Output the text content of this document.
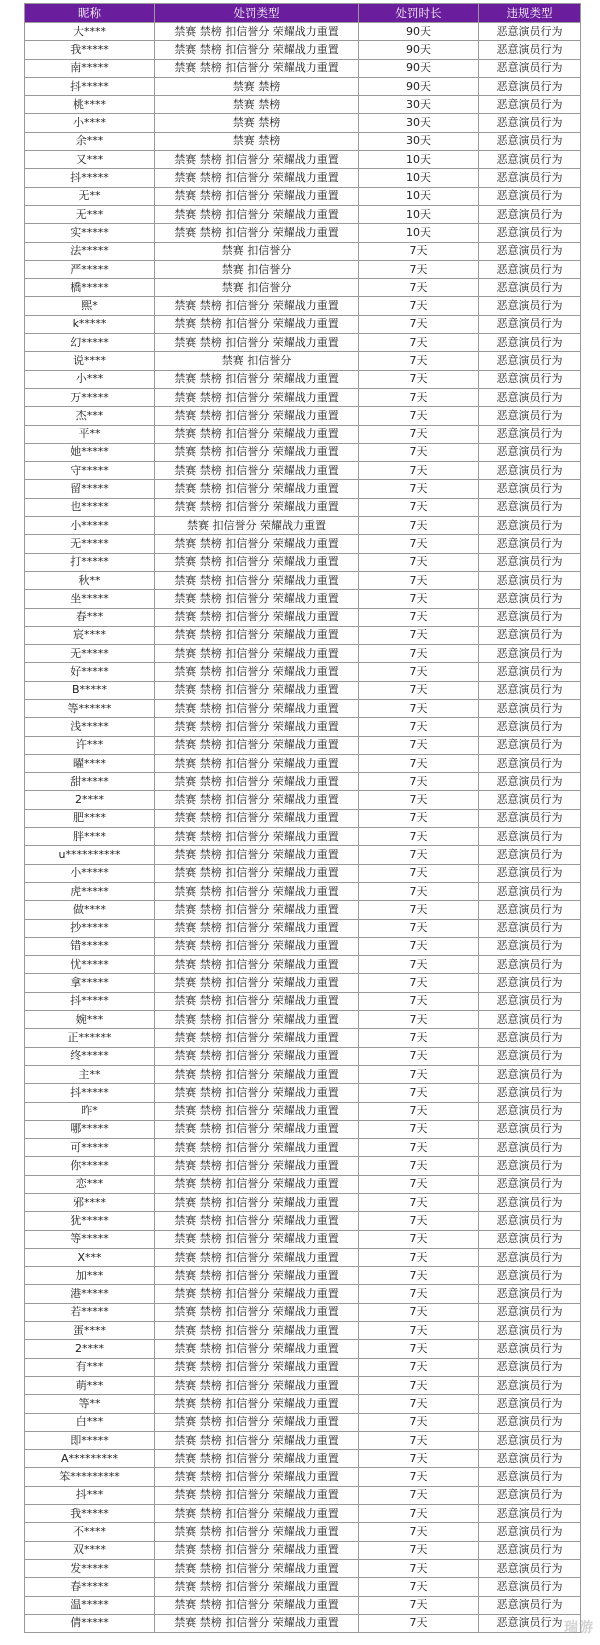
昵称	处罚类型	处罚时长	违规类型
大****	禁赛 禁榜 扣信誉分 荣耀战力重置	90天	恶意演员行为
我*****	禁赛 禁榜 扣信誉分 荣耀战力重置	90天	恶意演员行为
南*****	禁赛 禁榜 扣信誉分 荣耀战力重置	90天	恶意演员行为
抖*****	禁赛 禁榜	90天	恶意演员行为
桃****	禁赛 禁榜	30天	恶意演员行为
小****	禁赛 禁榜	30天	恶意演员行为
余***	禁赛 禁榜	30天	恶意演员行为
又***	禁赛 禁榜 扣信誉分 荣耀战力重置	10天	恶意演员行为
抖*****	禁赛 禁榜 扣信誉分 荣耀战力重置	10天	恶意演员行为
无**	禁赛 禁榜 扣信誉分 荣耀战力重置	10天	恶意演员行为
无***	禁赛 禁榜 扣信誉分 荣耀战力重置	10天	恶意演员行为
实*****	禁赛 禁榜 扣信誉分 荣耀战力重置	10天	恶意演员行为
法*****	禁赛 扣信誉分	7天	恶意演员行为
严*****	禁赛 扣信誉分	7天	恶意演员行为
橋*****	禁赛 扣信誉分	7天	恶意演员行为
熙*	禁赛 禁榜 扣信誉分 荣耀战力重置	7天	恶意演员行为
k*****	禁赛 禁榜 扣信誉分 荣耀战力重置	7天	恶意演员行为
幻*****	禁赛 禁榜 扣信誉分 荣耀战力重置	7天	恶意演员行为
说****	禁赛 扣信誉分	7天	恶意演员行为
小***	禁赛 禁榜 扣信誉分 荣耀战力重置	7天	恶意演员行为
万*****	禁赛 禁榜 扣信誉分 荣耀战力重置	7天	恶意演员行为
杰***	禁赛 禁榜 扣信誉分 荣耀战力重置	7天	恶意演员行为
平**	禁赛 禁榜 扣信誉分 荣耀战力重置	7天	恶意演员行为
她*****	禁赛 禁榜 扣信誉分 荣耀战力重置	7天	恶意演员行为
守*****	禁赛 禁榜 扣信誉分 荣耀战力重置	7天	恶意演员行为
留*****	禁赛 禁榜 扣信誉分 荣耀战力重置	7天	恶意演员行为
也*****	禁赛 禁榜 扣信誉分 荣耀战力重置	7天	恶意演员行为
小*****	禁赛 扣信誉分 荣耀战力重置	7天	恶意演员行为
无*****	禁赛 禁榜 扣信誉分 荣耀战力重置	7天	恶意演员行为
打*****	禁赛 禁榜 扣信誉分 荣耀战力重置	7天	恶意演员行为
秋**	禁赛 禁榜 扣信誉分 荣耀战力重置	7天	恶意演员行为
坐*****	禁赛 禁榜 扣信誉分 荣耀战力重置	7天	恶意演员行为
春***	禁赛 禁榜 扣信誉分 荣耀战力重置	7天	恶意演员行为
宸****	禁赛 禁榜 扣信誉分 荣耀战力重置	7天	恶意演员行为
无*****	禁赛 禁榜 扣信誉分 荣耀战力重置	7天	恶意演员行为
好*****	禁赛 禁榜 扣信誉分 荣耀战力重置	7天	恶意演员行为
B*****	禁赛 禁榜 扣信誉分 荣耀战力重置	7天	恶意演员行为
等******	禁赛 禁榜 扣信誉分 荣耀战力重置	7天	恶意演员行为
浅*****	禁赛 禁榜 扣信誉分 荣耀战力重置	7天	恶意演员行为
许***	禁赛 禁榜 扣信誉分 荣耀战力重置	7天	恶意演员行为
曜****	禁赛 禁榜 扣信誉分 荣耀战力重置	7天	恶意演员行为
甜*****	禁赛 禁榜 扣信誉分 荣耀战力重置	7天	恶意演员行为
2****	禁赛 禁榜 扣信誉分 荣耀战力重置	7天	恶意演员行为
肥****	禁赛 禁榜 扣信誉分 荣耀战力重置	7天	恶意演员行为
胖****	禁赛 禁榜 扣信誉分 荣耀战力重置	7天	恶意演员行为
u**********	禁赛 禁榜 扣信誉分 荣耀战力重置	7天	恶意演员行为
小*****	禁赛 禁榜 扣信誉分 荣耀战力重置	7天	恶意演员行为
虎*****	禁赛 禁榜 扣信誉分 荣耀战力重置	7天	恶意演员行为
做****	禁赛 禁榜 扣信誉分 荣耀战力重置	7天	恶意演员行为
抄*****	禁赛 禁榜 扣信誉分 荣耀战力重置	7天	恶意演员行为
错*****	禁赛 禁榜 扣信誉分 荣耀战力重置	7天	恶意演员行为
忧*****	禁赛 禁榜 扣信誉分 荣耀战力重置	7天	恶意演员行为
拿*****	禁赛 禁榜 扣信誉分 荣耀战力重置	7天	恶意演员行为
抖*****	禁赛 禁榜 扣信誉分 荣耀战力重置	7天	恶意演员行为
婉***	禁赛 禁榜 扣信誉分 荣耀战力重置	7天	恶意演员行为
正******	禁赛 禁榜 扣信誉分 荣耀战力重置	7天	恶意演员行为
终*****	禁赛 禁榜 扣信誉分 荣耀战力重置	7天	恶意演员行为
主**	禁赛 禁榜 扣信誉分 荣耀战力重置	7天	恶意演员行为
抖*****	禁赛 禁榜 扣信誉分 荣耀战力重置	7天	恶意演员行为
昨*	禁赛 禁榜 扣信誉分 荣耀战力重置	7天	恶意演员行为
哪*****	禁赛 禁榜 扣信誉分 荣耀战力重置	7天	恶意演员行为
可*****	禁赛 禁榜 扣信誉分 荣耀战力重置	7天	恶意演员行为
你*****	禁赛 禁榜 扣信誉分 荣耀战力重置	7天	恶意演员行为
恋***	禁赛 禁榜 扣信誉分 荣耀战力重置	7天	恶意演员行为
邪****	禁赛 禁榜 扣信誉分 荣耀战力重置	7天	恶意演员行为
犹*****	禁赛 禁榜 扣信誉分 荣耀战力重置	7天	恶意演员行为
等*****	禁赛 禁榜 扣信誉分 荣耀战力重置	7天	恶意演员行为
X***	禁赛 禁榜 扣信誉分 荣耀战力重置	7天	恶意演员行为
加***	禁赛 禁榜 扣信誉分 荣耀战力重置	7天	恶意演员行为
港*****	禁赛 禁榜 扣信誉分 荣耀战力重置	7天	恶意演员行为
若*****	禁赛 禁榜 扣信誉分 荣耀战力重置	7天	恶意演员行为
蛋****	禁赛 禁榜 扣信誉分 荣耀战力重置	7天	恶意演员行为
2****	禁赛 禁榜 扣信誉分 荣耀战力重置	7天	恶意演员行为
有***	禁赛 禁榜 扣信誉分 荣耀战力重置	7天	恶意演员行为
萌***	禁赛 禁榜 扣信誉分 荣耀战力重置	7天	恶意演员行为
等**	禁赛 禁榜 扣信誉分 荣耀战力重置	7天	恶意演员行为
白***	禁赛 禁榜 扣信誉分 荣耀战力重置	7天	恶意演员行为
即*****	禁赛 禁榜 扣信誉分 荣耀战力重置	7天	恶意演员行为
A*********	禁赛 禁榜 扣信誉分 荣耀战力重置	7天	恶意演员行为
笨*********	禁赛 禁榜 扣信誉分 荣耀战力重置	7天	恶意演员行为
抖***	禁赛 禁榜 扣信誉分 荣耀战力重置	7天	恶意演员行为
我*****	禁赛 禁榜 扣信誉分 荣耀战力重置	7天	恶意演员行为
不****	禁赛 禁榜 扣信誉分 荣耀战力重置	7天	恶意演员行为
双****	禁赛 禁榜 扣信誉分 荣耀战力重置	7天	恶意演员行为
发*****	禁赛 禁榜 扣信誉分 荣耀战力重置	7天	恶意演员行为
春*****	禁赛 禁榜 扣信誉分 荣耀战力重置	7天	恶意演员行为
温*****	禁赛 禁榜 扣信誉分 荣耀战力重置	7天	恶意演员行为
倩*****	禁赛 禁榜 扣信誉分 荣耀战力重置	7天	恶意演员行为 瑞游
